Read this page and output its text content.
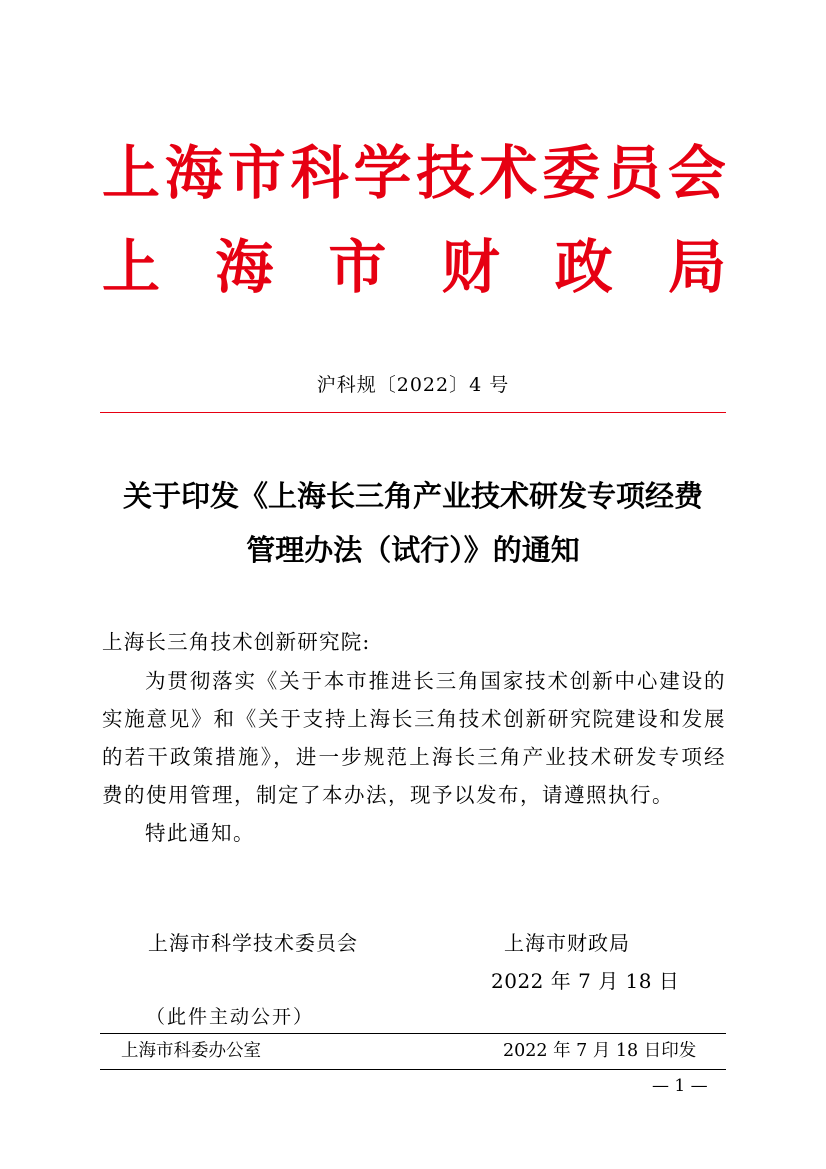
上 海 市 科 学 技 术 委 员 会
上 海 市 财 政 局
沪科规〔2022〕4 号
关于印发《上海长三角产业技术研发专项经费
管理办法（试行）》的通知
上海长三角技术创新研究院:
为贯彻落实《关于本市推进长三角国家技术创新中心建设的实施意见》和《关于支持上海长三角技术创新研究院建设和发展的若干政策措施》，进一步规范上海长三角产业技术研发专项经费的使用管理，制定了本办法，现予以发布，请遵照执行。
特此通知。
上海市科学技术委员会	上海市财政局
2022 年 7 月 18 日
（此件主动公开）
上海市科委办公室	2022 年 7 月 18 日印发
— 1 —
